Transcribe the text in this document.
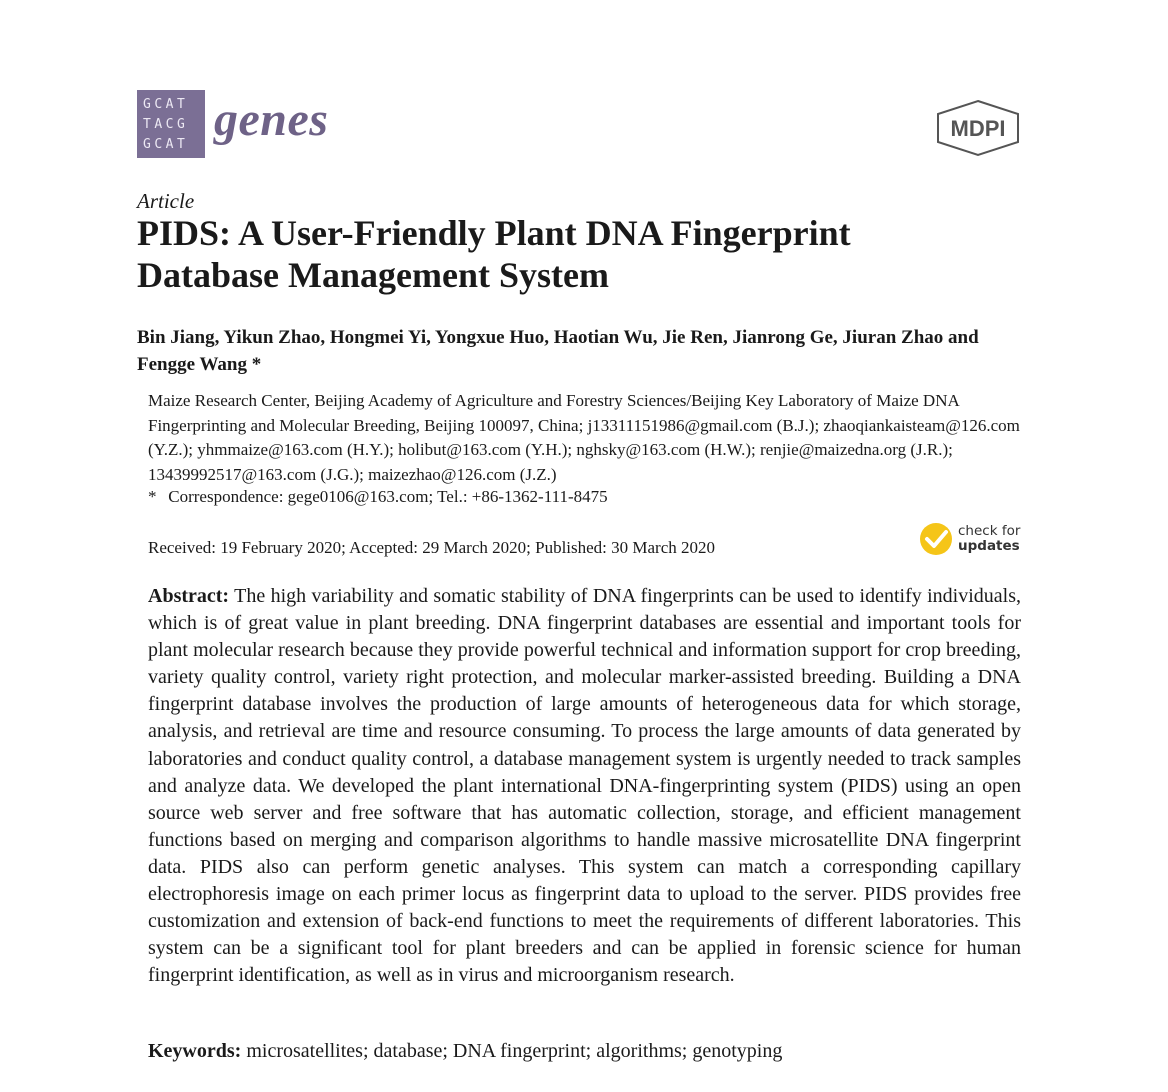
GCAT
TACG
GCAT genes	MDPI
Article
PIDS: A User-Friendly Plant DNA Fingerprint
Database Management System

Bin Jiang, Yikun Zhao, Hongmei Yi, Yongxue Huo, Haotian Wu, Jie Ren, Jianrong Ge, Jiuran Zhao and Fengge Wang *

Maize Research Center, Beijing Academy of Agriculture and Forestry Sciences/Beijing Key Laboratory of Maize DNA Fingerprinting and Molecular Breeding, Beijing 100097, China; j13311151986@gmail.com (B.J.); zhaoqiankaisteam@126.com (Y.Z.); yhmmaize@163.com (H.Y.); holibut@163.com (Y.H.); nghsky@163.com (H.W.); renjie@maizedna.org (J.R.); 13439992517@163.com (J.G.); maizezhao@126.com (J.Z.)

* Correspondence: gege0106@163.com; Tel.: +86-1362-111-8475
Received: 19 February 2020; Accepted: 29 March 2020; Published: 30 March 2020
check for
updates

Abstract: The high variability and somatic stability of DNA fingerprints can be used to identify individuals, which is of great value in plant breeding. DNA fingerprint databases are essential and important tools for plant molecular research because they provide powerful technical and information support for crop breeding, variety quality control, variety right protection, and molecular marker-assisted breeding. Building a DNA fingerprint database involves the production of large amounts of heterogeneous data for which storage, analysis, and retrieval are time and resource consuming. To process the large amounts of data generated by laboratories and conduct quality control, a database management system is urgently needed to track samples and analyze data. We developed the plant international DNA-fingerprinting system (PIDS) using an open source web server and free software that has automatic collection, storage, and efficient management functions based on merging and comparison algorithms to handle massive microsatellite DNA fingerprint data. PIDS also can perform genetic analyses. This system can match a corresponding capillary electrophoresis image on each primer locus as fingerprint data to upload to the server. PIDS provides free customization and extension of back-end functions to meet the requirements of different laboratories. This system can be a significant tool for plant breeders and can be applied in forensic science for human fingerprint identification, as well as in virus and microorganism research.

Keywords: microsatellites; database; DNA fingerprint; algorithms; genotyping
